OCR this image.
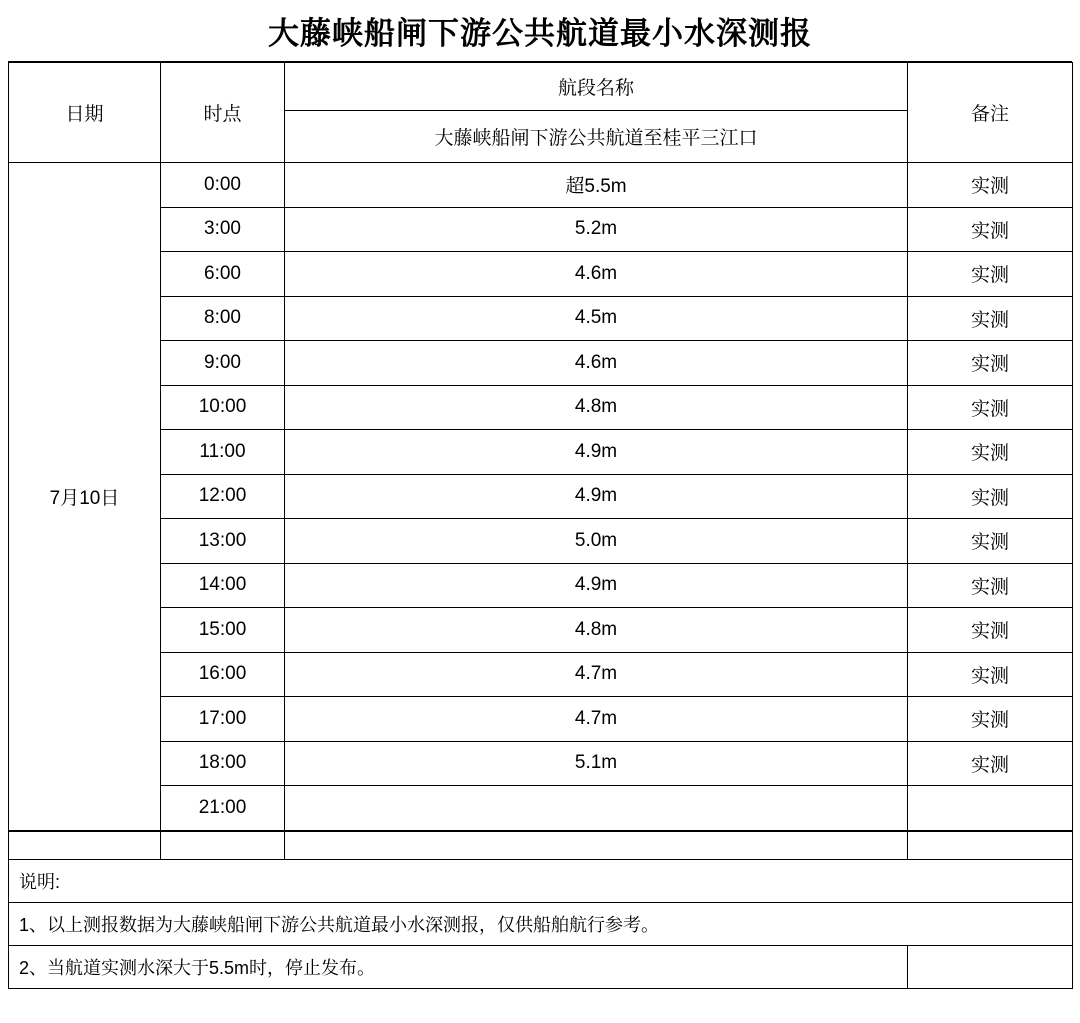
大藤峡船闸下游公共航道最小水深测报
日期	时点	航段名称	备注
		大藤峡船闸下游公共航道至桂平三江口	
7月10日	0:00	超5.5m	实测
	3:00	5.2m	实测
	6:00	4.6m	实测
	8:00	4.5m	实测
	9:00	4.6m	实测
	10:00	4.8m	实测
	11:00	4.9m	实测
	12:00	4.9m	实测
	13:00	5.0m	实测
	14:00	4.9m	实测
	15:00	4.8m	实测
	16:00	4.7m	实测
	17:00	4.7m	实测
	18:00	5.1m	实测
	21:00		

说明:			
1、以上测报数据为大藤峡船闸下游公共航道最小水深测报，仅供船舶航行参考。			
2、当航道实测水深大于5.5m时，停止发布。			
